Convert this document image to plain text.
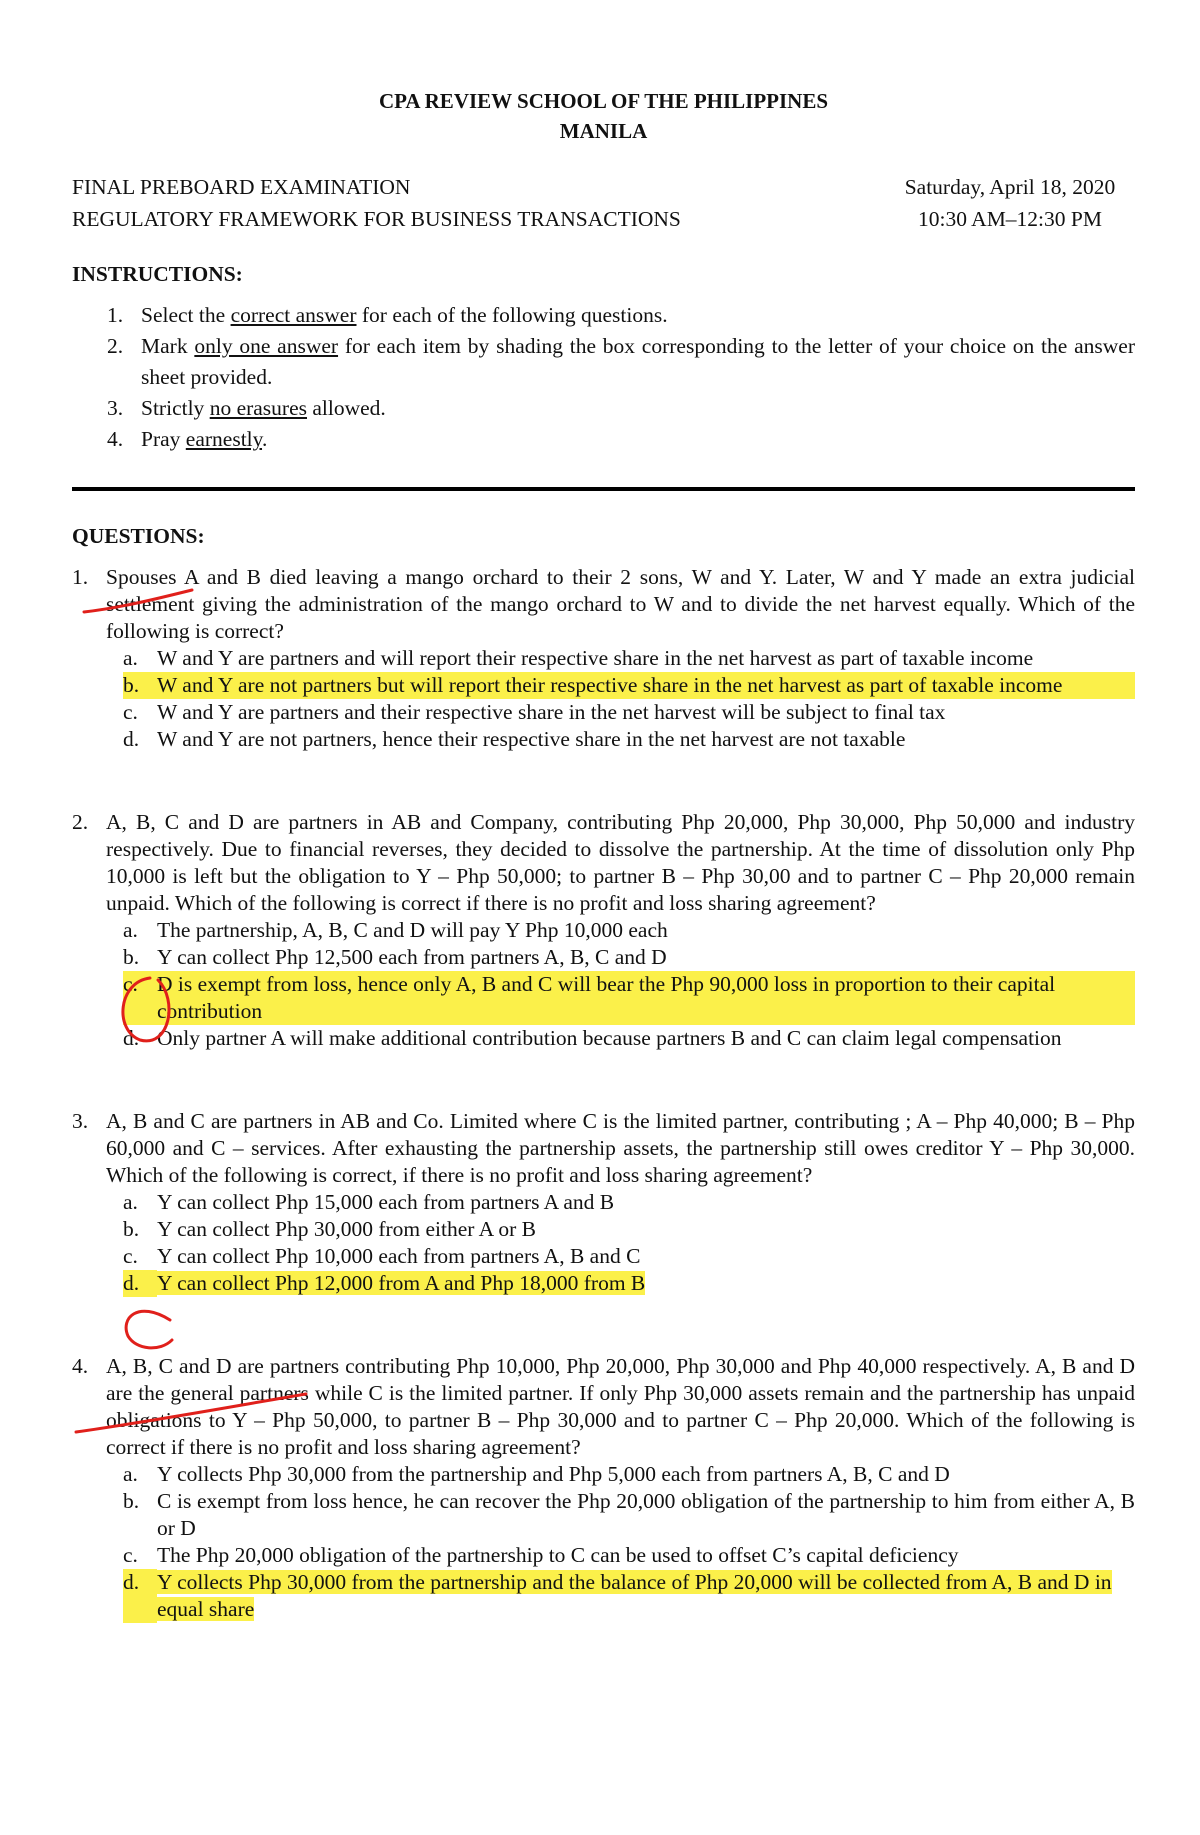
CPA REVIEW SCHOOL OF THE PHILIPPINES
MANILA
FINAL PREBOARD EXAMINATION	Saturday, April 18, 2020
REGULATORY FRAMEWORK FOR BUSINESS TRANSACTIONS	10:30 AM–12:30 PM
INSTRUCTIONS:
1. Select the correct answer for each of the following questions.
2. Mark only one answer for each item by shading the box corresponding to the letter of your choice on the answer sheet provided.
3. Strictly no erasures allowed.
4. Pray earnestly.
QUESTIONS:
1. Spouses A and B died leaving a mango orchard to their 2 sons, W and Y. Later, W and Y made an extra judicial settlement giving the administration of the mango orchard to W and to divide the net harvest equally. Which of the following is correct?
a. W and Y are partners and will report their respective share in the net harvest as part of taxable income
b. W and Y are not partners but will report their respective share in the net harvest as part of taxable income
c. W and Y are partners and their respective share in the net harvest will be subject to final tax
d. W and Y are not partners, hence their respective share in the net harvest are not taxable
2. A, B, C and D are partners in AB and Company, contributing Php 20,000, Php 30,000, Php 50,000 and industry respectively. Due to financial reverses, they decided to dissolve the partnership. At the time of dissolution only Php 10,000 is left but the obligation to Y – Php 50,000; to partner B – Php 30,00 and to partner C – Php 20,000 remain unpaid. Which of the following is correct if there is no profit and loss sharing agreement?
a. The partnership, A, B, C and D will pay Y Php 10,000 each
b. Y can collect Php 12,500 each from partners A, B, C and D
c. D is exempt from loss, hence only A, B and C will bear the Php 90,000 loss in proportion to their capital contribution
d. Only partner A will make additional contribution because partners B and C can claim legal compensation
3. A, B and C are partners in AB and Co. Limited where C is the limited partner, contributing ; A – Php 40,000; B – Php 60,000 and C – services. After exhausting the partnership assets, the partnership still owes creditor Y – Php 30,000. Which of the following is correct, if there is no profit and loss sharing agreement?
a. Y can collect Php 15,000 each from partners A and B
b. Y can collect Php 30,000 from either A or B
c. Y can collect Php 10,000 each from partners A, B and C
d. Y can collect Php 12,000 from A and Php 18,000 from B
4. A, B, C and D are partners contributing Php 10,000, Php 20,000, Php 30,000 and Php 40,000 respectively. A, B and D are the general partners while C is the limited partner. If only Php 30,000 assets remain and the partnership has unpaid obligations to Y – Php 50,000, to partner B – Php 30,000 and to partner C – Php 20,000. Which of the following is correct if there is no profit and loss sharing agreement?
a. Y collects Php 30,000 from the partnership and Php 5,000 each from partners A, B, C and D
b. C is exempt from loss hence, he can recover the Php 20,000 obligation of the partnership to him from either A, B or D
c. The Php 20,000 obligation of the partnership to C can be used to offset C’s capital deficiency
d. Y collects Php 30,000 from the partnership and the balance of Php 20,000 will be collected from A, B and D in equal share
